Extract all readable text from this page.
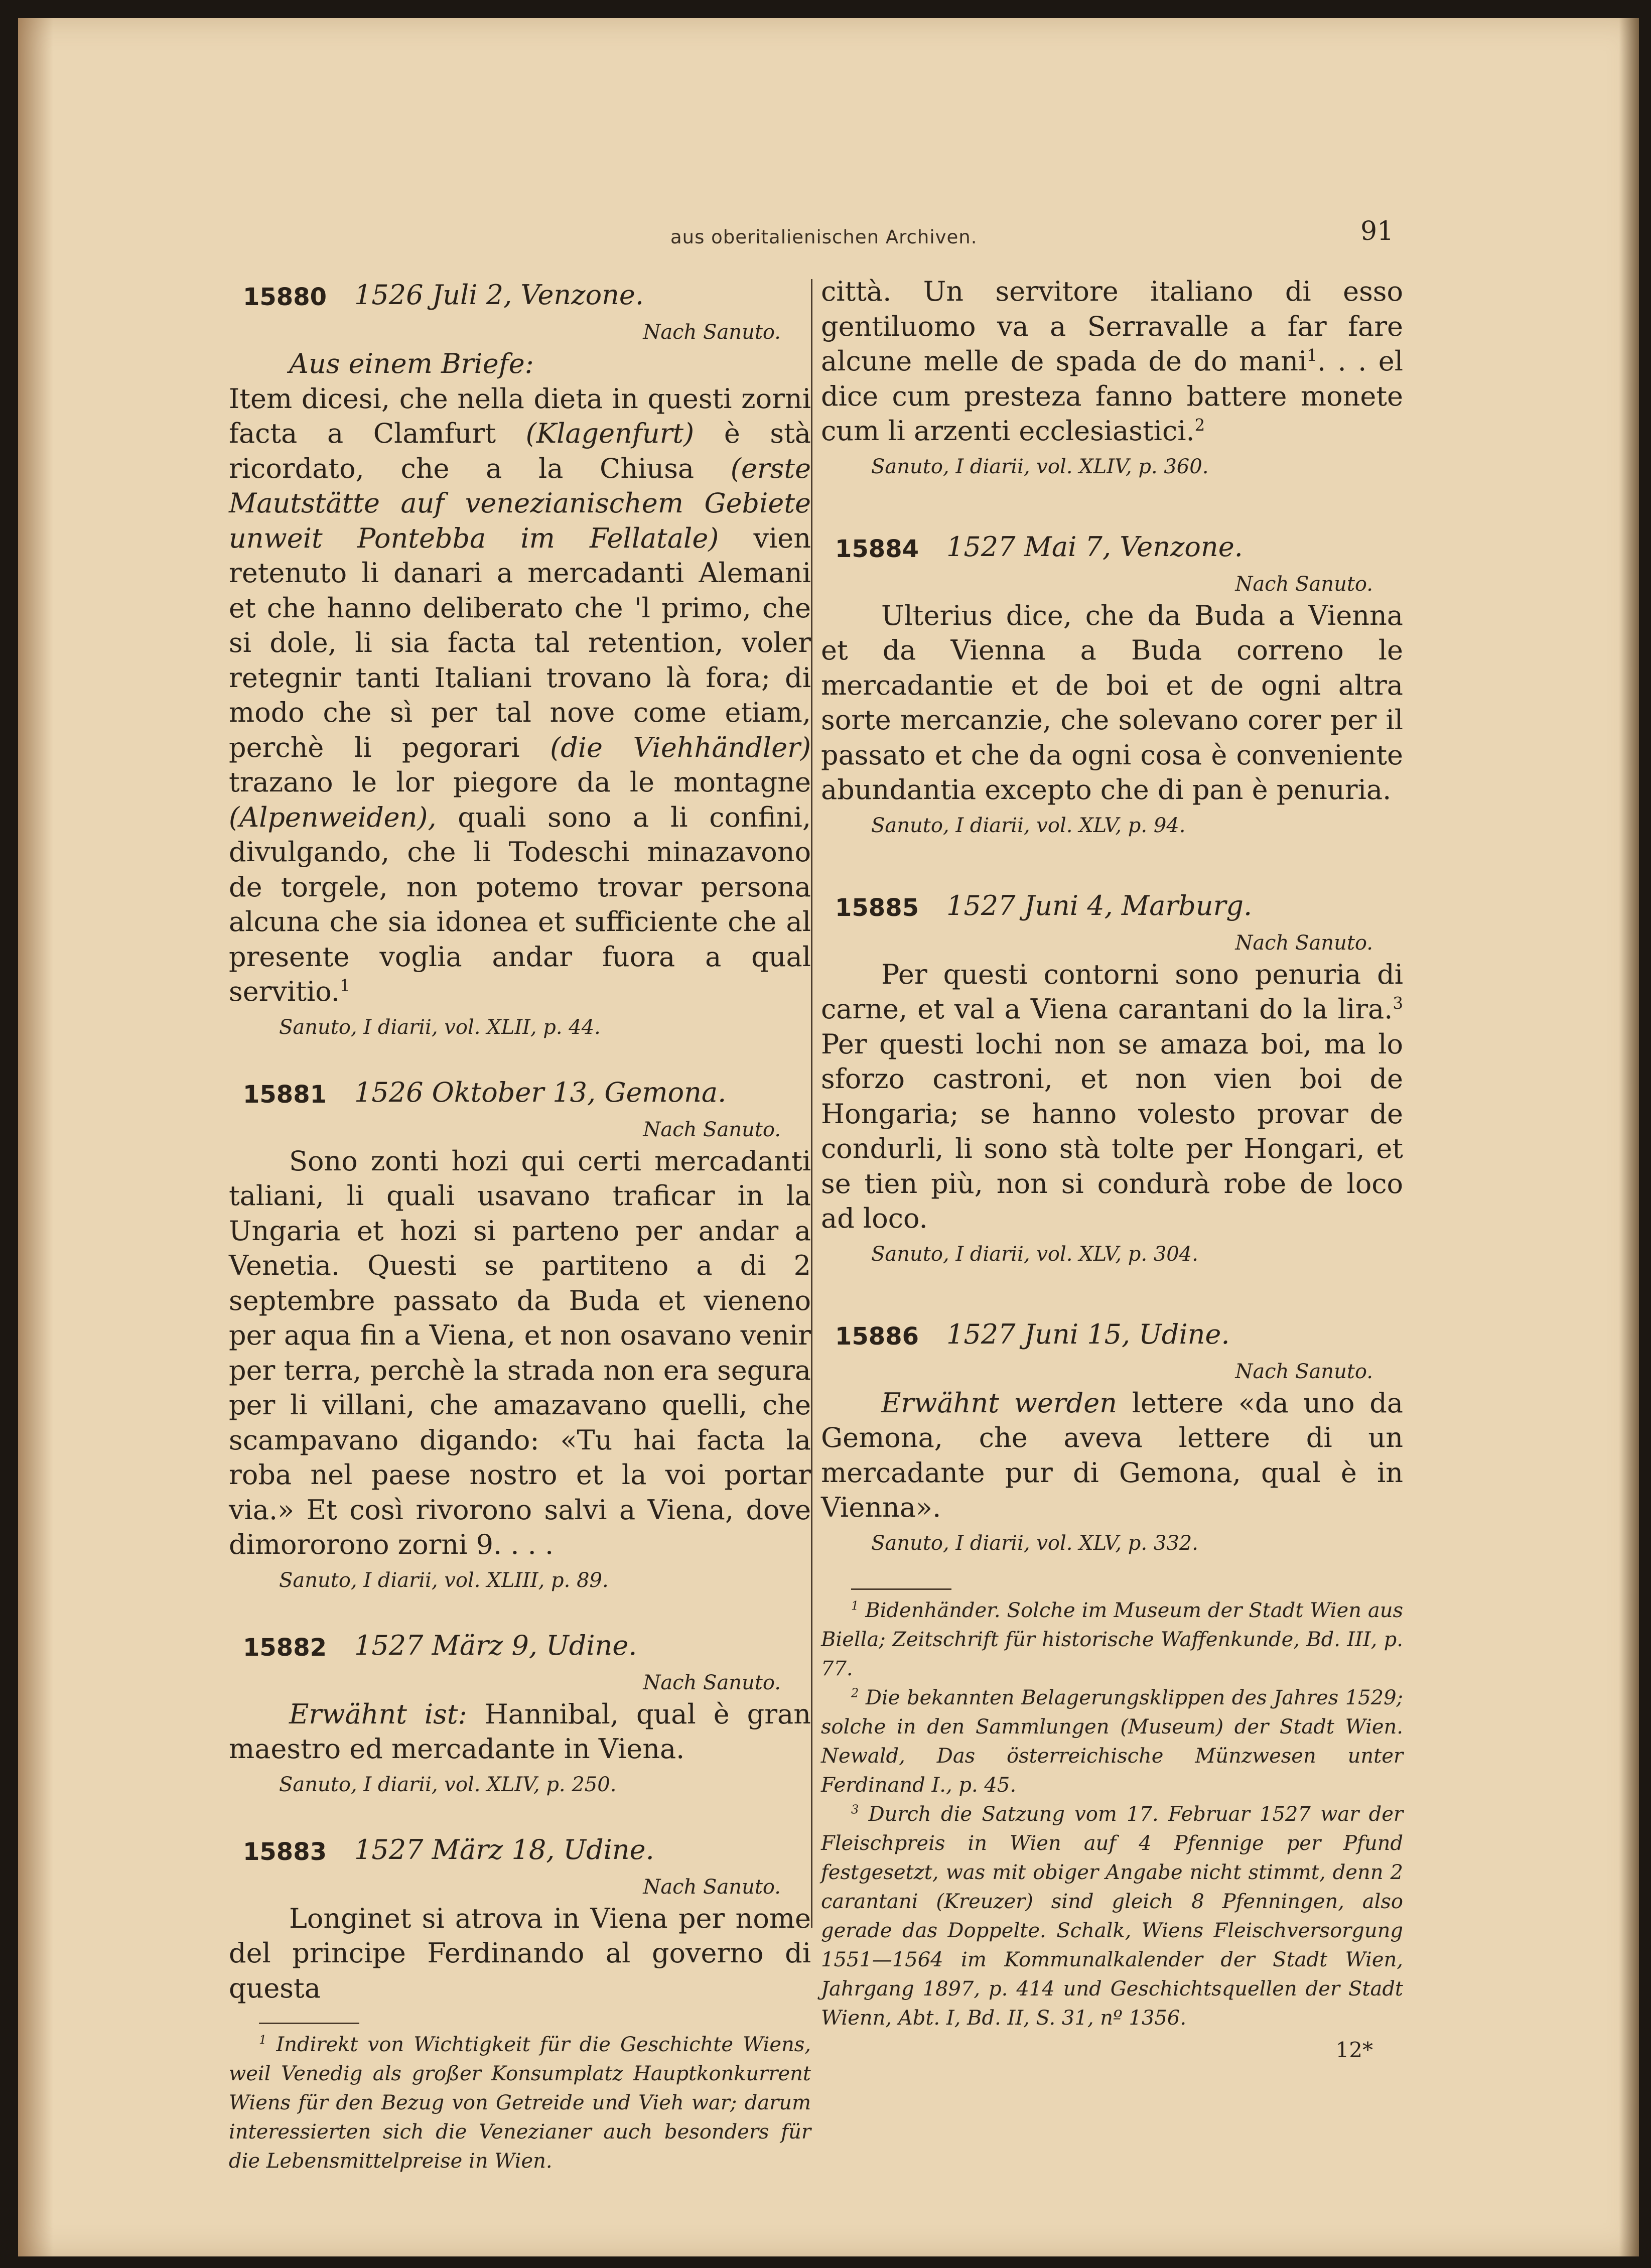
aus oberitalienischen Archiven.	91
15880 1526 Juli 2, Venzone.

Nach Sanuto.

Aus einem Briefe:
Item dicesi, che nella dieta in questi zorni facta a Clamfurt (Klagenfurt) è stà ricordato, che a la Chiusa (erste Mautstätte auf venezianischem Gebiete unweit Pontebba im Fellatale) vien retenuto li danari a mercadanti Alemani et che hanno deliberato che 'l primo, che si dole, li sia facta tal retention, voler retegnir tanti Italiani trovano là fora; di modo che sì per tal nove come etiam, perchè li pegorari (die Viehhändler) trazano le lor piegore da le montagne (Alpenweiden), quali sono a li confini, divulgando, che li Todeschi minazavono de torgele, non potemo trovar persona alcuna che sia idonea et sufficiente che al presente voglia andar fuora a qual servitio.$^1$

Sanuto, I diarii, vol. XLII, p. 44.

15881 1526 Oktober 13, Gemona.

Nach Sanuto.

Sono zonti hozi qui certi mercadanti taliani, li quali usavano traficar in la Ungaria et hozi si parteno per andar a Venetia. Questi se partiteno a di 2 septembre passato da Buda et vieneno per aqua fin a Viena, et non osavano venir per terra, perchè la strada non era segura per li villani, che amazavano quelli, che scampavano digando: «Tu hai facta la roba nel paese nostro et la voi portar via.» Et così rivorono salvi a Viena, dove dimororono zorni 9. . . .

Sanuto, I diarii, vol. XLIII, p. 89.

15882 1527 März 9, Udine.

Nach Sanuto.

Erwähnt ist: Hannibal, qual è gran maestro ed mercadante in Viena.

Sanuto, I diarii, vol. XLIV, p. 250.

15883 1527 März 18, Udine.

Nach Sanuto.

Longinet si atrova in Viena per nome del principe Ferdinando al governo di questa

$^1$ Indirekt von Wichtigkeit für die Geschichte Wiens, weil Venedig als großer Konsumplatz Hauptkonkurrent Wiens für den Bezug von Getreide und Vieh war; darum interessierten sich die Venezianer auch besonders für die Lebensmittelpreise in Wien.

città. Un servitore italiano di esso gentiluomo va a Serravalle a far fare alcune melle de spada de do mani$^1$. . . el dice cum presteza fanno battere monete cum li arzenti ecclesiastici.$^2$

Sanuto, I diarii, vol. XLIV, p. 360.

15884 1527 Mai 7, Venzone.

Nach Sanuto.

Ulterius dice, che da Buda a Vienna et da Vienna a Buda correno le mercadantie et de boi et de ogni altra sorte mercanzie, che solevano corer per il passato et che da ogni cosa è conveniente abundantia excepto che di pan è penuria.

Sanuto, I diarii, vol. XLV, p. 94.

15885 1527 Juni 4, Marburg.

Nach Sanuto.

Per questi contorni sono penuria di carne, et val a Viena carantani do la lira.$^3$ Per questi lochi non se amaza boi, ma lo sforzo castroni, et non vien boi de Hongaria; se hanno volesto provar de condurli, li sono stà tolte per Hongari, et se tien più, non si condurà robe de loco ad loco.

Sanuto, I diarii, vol. XLV, p. 304.

15886 1527 Juni 15, Udine.

Nach Sanuto.

Erwähnt werden lettere «da uno da Gemona, che aveva lettere di un mercadante pur di Gemona, qual è in Vienna».

Sanuto, I diarii, vol. XLV, p. 332.

$^1$ Bidenhänder. Solche im Museum der Stadt Wien aus Biella; Zeitschrift für historische Waffenkunde, Bd. III, p. 77.

$^2$ Die bekannten Belagerungsklippen des Jahres 1529; solche in den Sammlungen (Museum) der Stadt Wien. Newald, Das österreichische Münzwesen unter Ferdinand I., p. 45.

$^3$ Durch die Satzung vom 17. Februar 1527 war der Fleischpreis in Wien auf 4 Pfennige per Pfund festgesetzt, was mit obiger Angabe nicht stimmt, denn 2 carantani (Kreuzer) sind gleich 8 Pfenningen, also gerade das Doppelte. Schalk, Wiens Fleischversorgung 1551—1564 im Kommunalkalender der Stadt Wien, Jahrgang 1897, p. 414 und Geschichtsquellen der Stadt Wienn, Abt. I, Bd. II, S. 31, nº 1356.

12*
